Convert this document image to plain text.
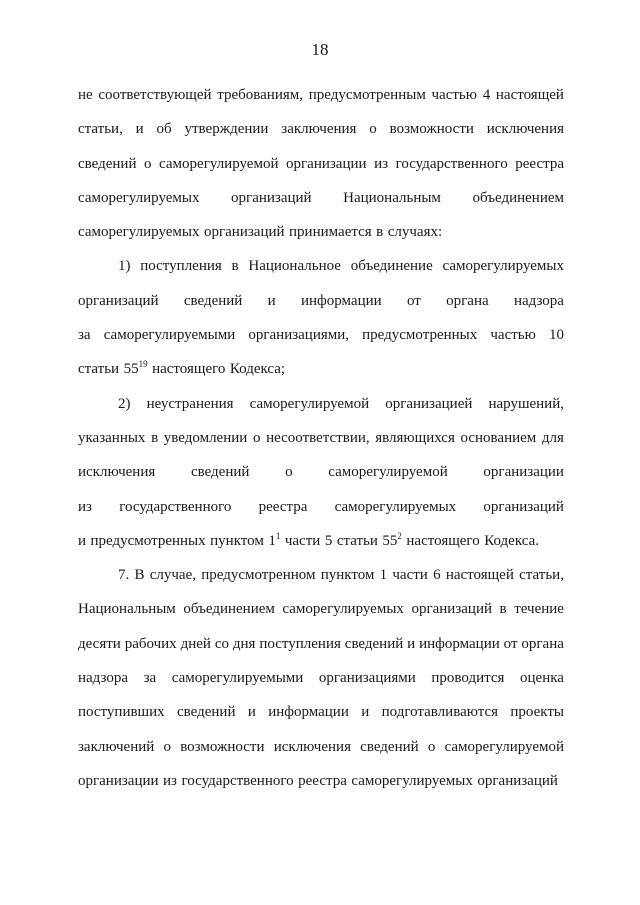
18
не соответствующей требованиям, предусмотренным частью 4 настоящей
статьи, и об утверждении заключения о возможности исключения
сведений о саморегулируемой организации из государственного реестра
саморегулируемых организаций Национальным объединением
саморегулируемых организаций принимается в случаях:
1) поступления в Национальное объединение саморегулируемых
организаций сведений и информации от органа надзора
за саморегулируемыми организациями, предусмотренных частью 10
статьи $55^{19}$ настоящего Кодекса;
2) неустранения саморегулируемой организацией нарушений,
указанных в уведомлении о несоответствии, являющихся основанием для
исключения сведений о саморегулируемой организации
из государственного реестра саморегулируемых организаций
и предусмотренных пунктом $1^1$ части 5 статьи $55^2$ настоящего Кодекса.
7. В случае, предусмотренном пунктом 1 части 6 настоящей статьи,
Национальным объединением саморегулируемых организаций в течение
десяти рабочих дней со дня поступления сведений и информации от органа
надзора за саморегулируемыми организациями проводится оценка
поступивших сведений и информации и подготавливаются проекты
заключений о возможности исключения сведений о саморегулируемой
организации из государственного реестра саморегулируемых организаций
